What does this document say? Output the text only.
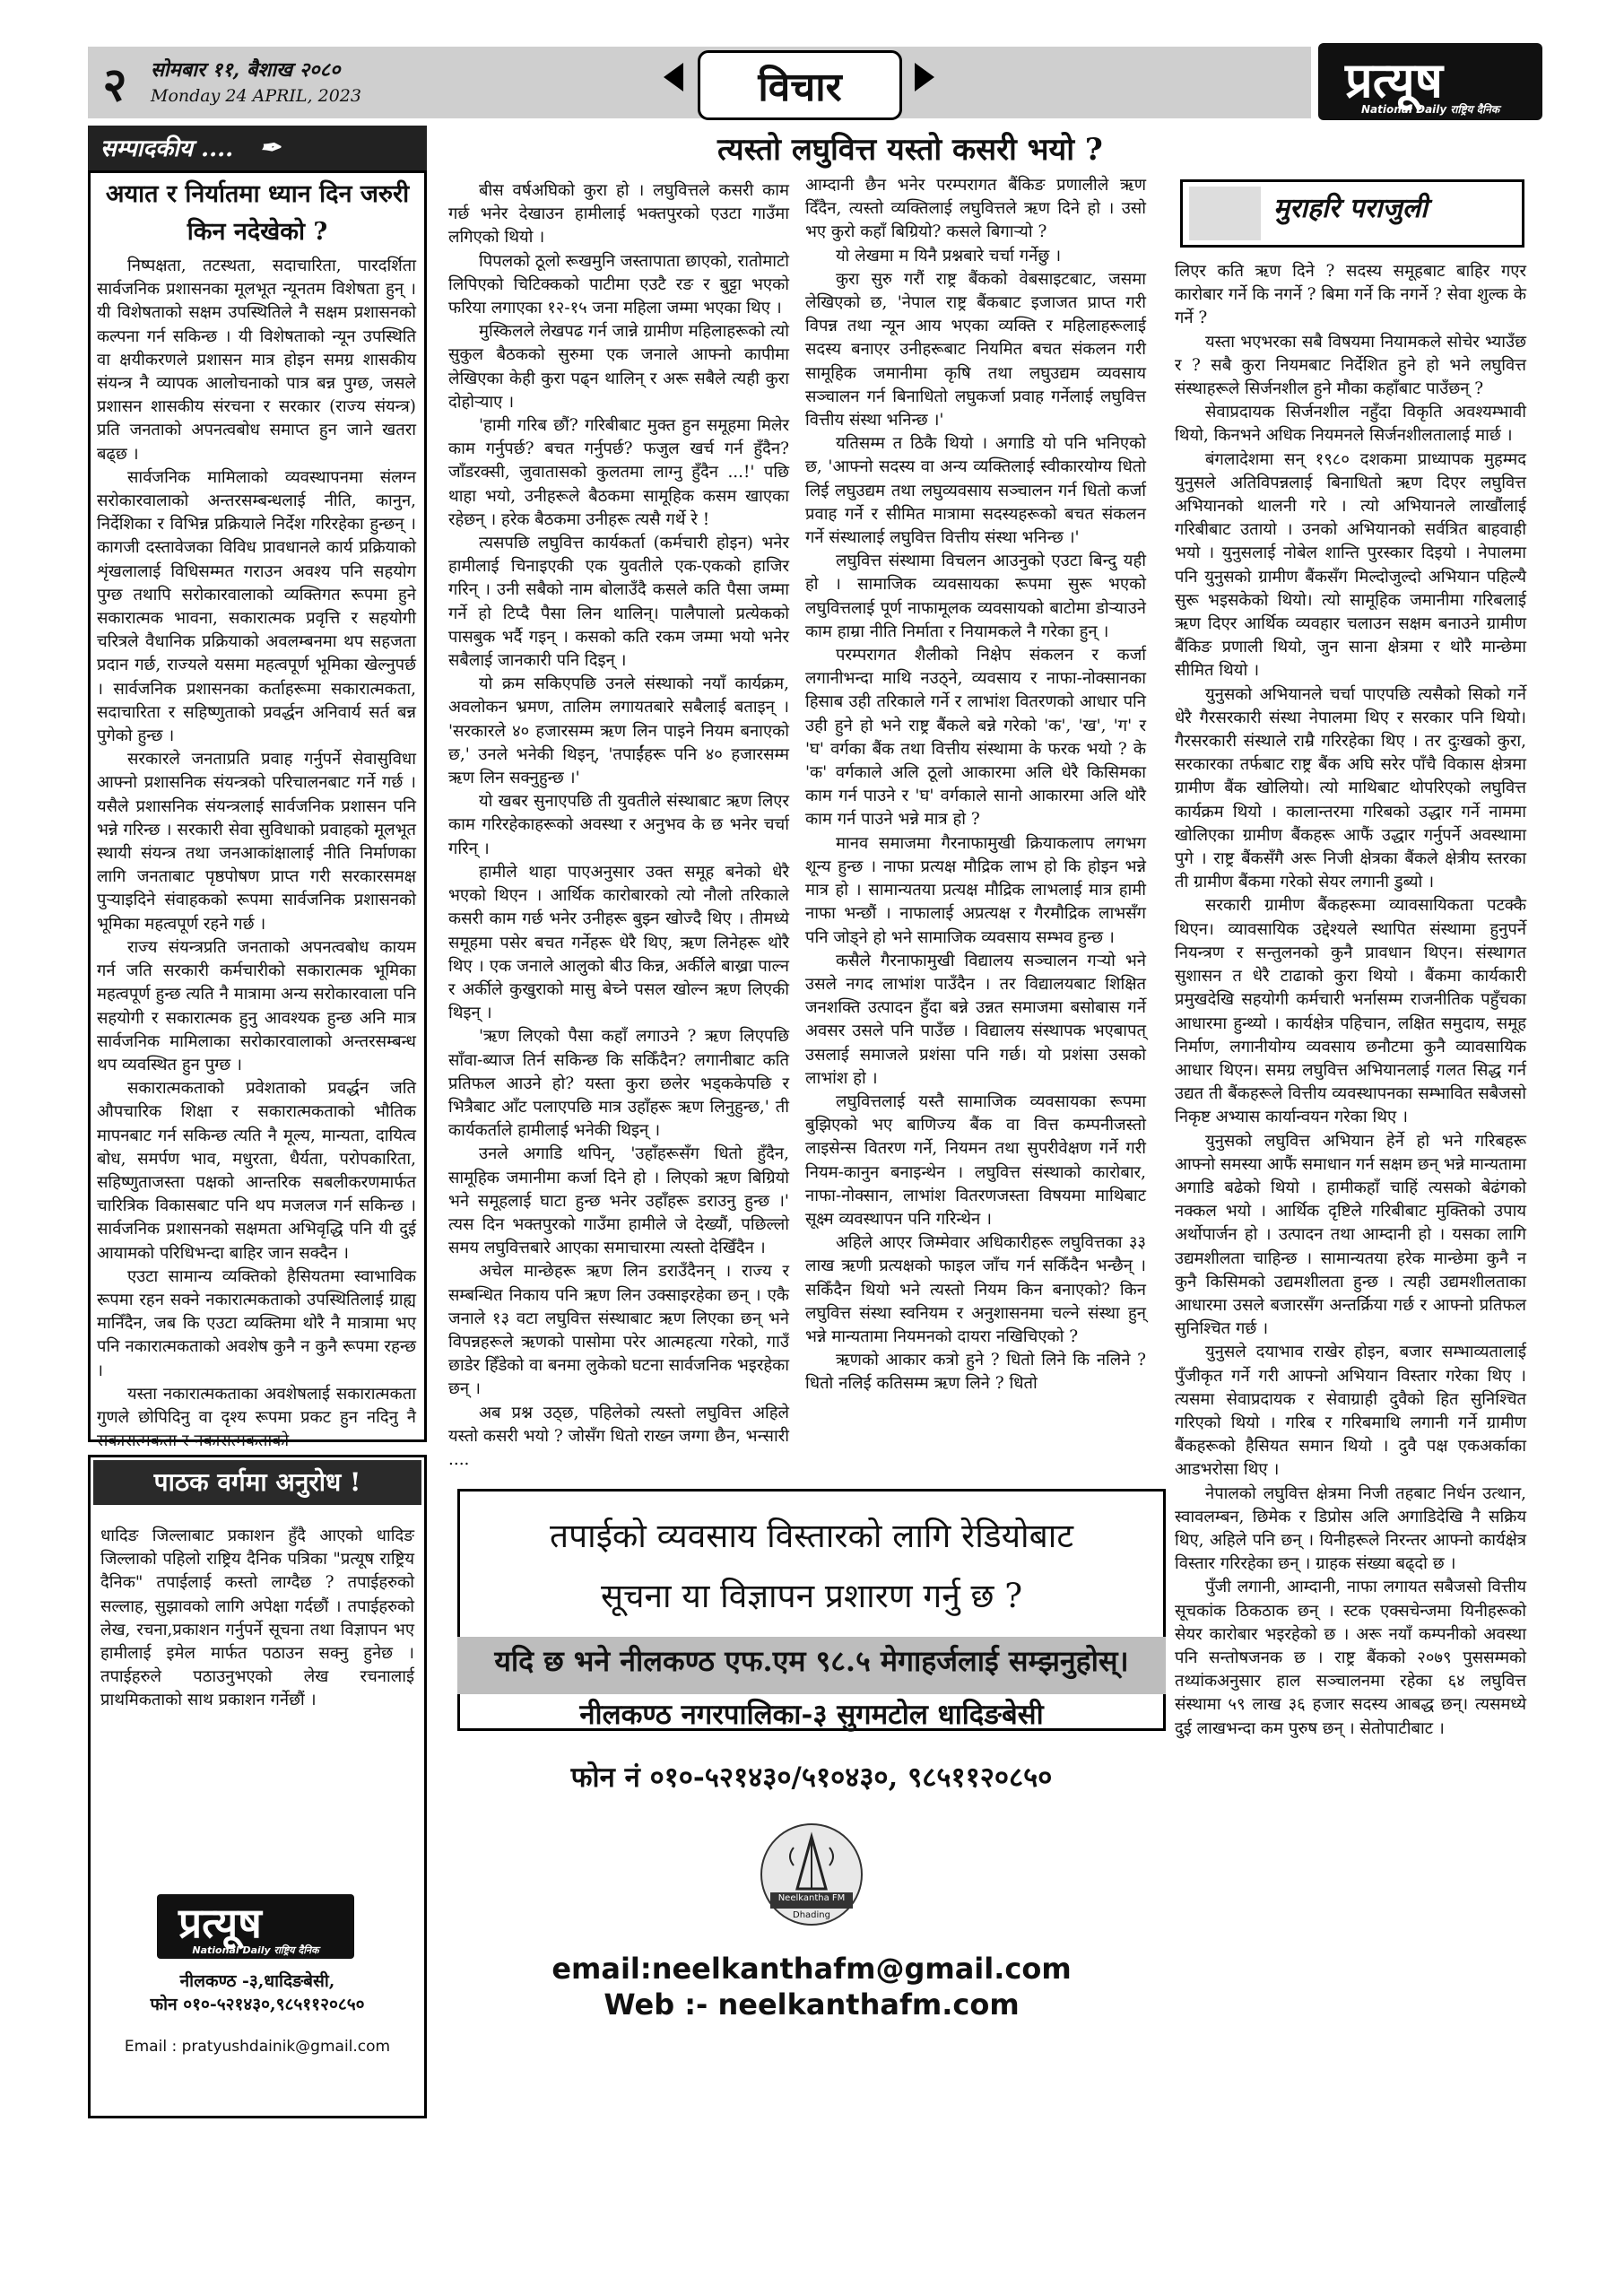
२	सोमबार ११, बैशाख २०८०
Monday 24 APRIL, 2023	विचार	प्रत्यूष
National Daily राष्ट्रिय दैनिक
सम्पादकीय .... ✒
अयात र निर्यातमा ध्यान दिन जरुरी किन नदेखेको ?

निष्पक्षता, तटस्थता, सदाचारिता, पारदर्शिता सार्वजनिक प्रशासनका मूलभूत न्यूनतम विशेषता हुन् । यी विशेषताको सक्षम उपस्थितिले नै सक्षम प्रशासनको कल्पना गर्न सकिन्छ । यी विशेषताको न्यून उपस्थिति वा क्षयीकरणले प्रशासन मात्र होइन समग्र शासकीय संयन्त्र नै व्यापक आलोचनाको पात्र बन्न पुग्छ, जसले प्रशासन शासकीय संरचना र सरकार (राज्य संयन्त्र) प्रति जनताको अपनत्वबोध समाप्त हुन जाने खतरा बढ्छ ।

सार्वजनिक मामिलाको व्यवस्थापनमा संलग्न सरोकारवालाको अन्तरसम्बन्धलाई नीति, कानुन, निर्देशिका र विभिन्न प्रक्रियाले निर्देश गरिरहेका हुन्छन् । कागजी दस्तावेजका विविध प्रावधानले कार्य प्रक्रियाको शृंखलालाई विधिसम्मत गराउन अवश्य पनि सहयोग पुग्छ तथापि सरोकारवालाको व्यक्तिगत रूपमा हुने सकारात्मक भावना, सकारात्मक प्रवृत्ति र सहयोगी चरित्रले वैधानिक प्रक्रियाको अवलम्बनमा थप सहजता प्रदान गर्छ, राज्यले यसमा महत्वपूर्ण भूमिका खेल्नुपर्छ । सार्वजनिक प्रशासनका कर्ताहरूमा सकारात्मकता, सदाचारिता र सहिष्णुताको प्रवर्द्धन अनिवार्य सर्त बन्न पुगेको हुन्छ ।

सरकारले जनताप्रति प्रवाह गर्नुपर्ने सेवासुविधा आफ्नो प्रशासनिक संयन्त्रको परिचालनबाट गर्ने गर्छ । यसैले प्रशासनिक संयन्त्रलाई सार्वजनिक प्रशासन पनि भन्ने गरिन्छ । सरकारी सेवा सुविधाको प्रवाहको मूलभूत स्थायी संयन्त्र तथा जनआकांक्षालाई नीति निर्माणका लागि जनताबाट पृष्ठपोषण प्राप्त गरी सरकारसमक्ष पुऱ्याइदिने संवाहकको रूपमा सार्वजनिक प्रशासनको भूमिका महत्वपूर्ण रहने गर्छ ।

राज्य संयन्त्रप्रति जनताको अपनत्वबोध कायम गर्न जति सरकारी कर्मचारीको सकारात्मक भूमिका महत्वपूर्ण हुन्छ त्यति नै मात्रामा अन्य सरोकारवाला पनि सहयोगी र सकारात्मक हुनु आवश्यक हुन्छ अनि मात्र सार्वजनिक मामिलाका सरोकारवालाको अन्तरसम्बन्ध थप व्यवस्थित हुन पुग्छ ।

सकारात्मकताको प्रवेशताको प्रवर्द्धन जति औपचारिक शिक्षा र सकारात्मकताको भौतिक मापनबाट गर्न सकिन्छ त्यति नै मूल्य, मान्यता, दायित्व बोध, समर्पण भाव, मधुरता, धैर्यता, परोपकारिता, सहिष्णुताजस्ता पक्षको आन्तरिक सबलीकरणमार्फत चारित्रिक विकासबाट पनि थप मजलज गर्न सकिन्छ । सार्वजनिक प्रशासनको सक्षमता अभिवृद्धि पनि यी दुई आयामको परिधिभन्दा बाहिर जान सक्दैन ।

एउटा सामान्य व्यक्तिको हैसियतमा स्वाभाविक रूपमा रहन सक्ने नकारात्मकताको उपस्थितिलाई ग्राह्य मानिँदैन, जब कि एउटा व्यक्तिमा थोरै नै मात्रामा भए पनि नकारात्मकताको अवशेष कुनै न कुनै रूपमा रहन्छ ।

यस्ता नकारात्मकताका अवशेषलाई सकारात्मकता गुणले छोपिदिनु वा दृश्य रूपमा प्रकट हुन नदिनु नै सकारात्मकता र नकारात्मकताको

पाठक वर्गमा अनुरोध !

धादिङ जिल्लाबाट प्रकाशन हुँदै आएको धादिङ जिल्लाको पहिलो राष्ट्रिय दैनिक पत्रिका "प्रत्यूष राष्ट्रिय दैनिक" तपाईलाई कस्तो लाग्दैछ ? तपाईहरुको सल्लाह, सुझावको लागि अपेक्षा गर्दछौं । तपाईहरुको लेख, रचना,प्रकाशन गर्नुपर्ने सूचना तथा विज्ञापन भए हामीलाई इमेल मार्फत पठाउन सक्नु हुनेछ । तपाईहरुले पठाउनुभएको लेख रचनालाई प्राथमिकताको साथ प्रकाशन गर्नेछौं ।

प्रत्यूष
National Daily राष्ट्रिय दैनिक
नीलकण्ठ -३,धादिङबेसी,
फोन ०१०-५२१४३०,९८५११२०८५०
Email : pratyushdainik@gmail.com
त्यस्तो लघुवित्त यस्तो कसरी भयो ?

बीस वर्षअघिको कुरा हो । लघुवित्तले कसरी काम गर्छ भनेर देखाउन हामीलाई भक्तपुरको एउटा गाउँमा लगिएको थियो ।

पिपलको ठूलो रूखमुनि जस्तापाता छाएको, रातोमाटो लिपिएको चिटिक्कको पाटीमा एउटै रङ र बुट्टा भएको फरिया लगाएका १२-१५ जना महिला जम्मा भएका थिए ।

मुस्किलले लेखपढ गर्न जान्ने ग्रामीण महिलाहरूको त्यो सुकुल बैठकको सुरुमा एक जनाले आफ्नो कापीमा लेखिएका केही कुरा पढ्न थालिन् र अरू सबैले त्यही कुरा दोहोऱ्याए ।

'हामी गरिब छौं? गरिबीबाट मुक्त हुन समूहमा मिलेर काम गर्नुपर्छ? बचत गर्नुपर्छ? फजुल खर्च गर्न हुँदैन? जाँडरक्सी, जुवातासको कुलतमा लाग्नु हुँदैन ...!' पछि थाहा भयो, उनीहरूले बैठकमा सामूहिक कसम खाएका रहेछन् । हरेक बैठकमा उनीहरू त्यसै गर्थे रे !

त्यसपछि लघुवित्त कार्यकर्ता (कर्मचारी होइन) भनेर हामीलाई चिनाइएकी एक युवतीले एक-एकको हाजिर गरिन् । उनी सबैको नाम बोलाउँदै कसले कति पैसा जम्मा गर्ने हो टिप्दै पैसा लिन थालिन्। पालैपालो प्रत्येकको पासबुक भर्दै गइन् । कसको कति रकम जम्मा भयो भनेर सबैलाई जानकारी पनि दिइन् ।

यो क्रम सकिएपछि उनले संस्थाको नयाँ कार्यक्रम, अवलोकन भ्रमण, तालिम लगायतबारे सबैलाई बताइन् । 'सरकारले ४० हजारसम्म ऋण लिन पाइने नियम बनाएको छ,' उनले भनेकी थिइन्, 'तपाईंहरू पनि ४० हजारसम्म ऋण लिन सक्नुहुन्छ ।'

यो खबर सुनाएपछि ती युवतीले संस्थाबाट ऋण लिएर काम गरिरहेकाहरूको अवस्था र अनुभव के छ भनेर चर्चा गरिन् ।

हामीले थाहा पाएअनुसार उक्त समूह बनेको धेरै भएको थिएन । आर्थिक कारोबारको त्यो नौलो तरिकाले कसरी काम गर्छ भनेर उनीहरू बुझ्न खोज्दै थिए । तीमध्ये समूहमा पसेर बचत गर्नेहरू धेरै थिए, ऋण लिनेहरू थोरै थिए । एक जनाले आलुको बीउ किन्न, अर्कीले बाख्रा पाल्न र अर्कीले कुखुराको मासु बेच्ने पसल खोल्न ऋण लिएकी थिइन् ।

'ऋण लिएको पैसा कहाँ लगाउने ? ऋण लिएपछि साँवा-ब्याज तिर्न सकिन्छ कि सकिँदैन? लगानीबाट कति प्रतिफल आउने हो? यस्ता कुरा छलेर भड्ककेपछि र भित्रैबाट आँट पलाएपछि मात्र उहाँहरू ऋण लिनुहुन्छ,' ती कार्यकर्ताले हामीलाई भनेकी थिइन् ।

उनले अगाडि थपिन्, 'उहाँहरूसँग धितो हुँदैन, सामूहिक जमानीमा कर्जा दिने हो । लिएको ऋण बिग्रियो भने समूहलाई घाटा हुन्छ भनेर उहाँहरू डराउनु हुन्छ ।' त्यस दिन भक्तपुरको गाउँमा हामीले जे देख्यौं, पछिल्लो समय लघुवित्तबारे आएका समाचारमा त्यस्तो देखिँदैन ।

अचेल मान्छेहरू ऋण लिन डराउँदैनन् । राज्य र सम्बन्धित निकाय पनि ऋण लिन उक्साइरहेका छन् । एकै जनाले १३ वटा लघुवित्त संस्थाबाट ऋण लिएका छन् भने विपन्नहरूले ऋणको पासोमा परेर आत्महत्या गरेको, गाउँ छाडेर हिँडेको वा बनमा लुकेको घटना सार्वजनिक भइरहेका छन् ।

अब प्रश्न उठ्छ, पहिलेको त्यस्तो लघुवित्त अहिले यस्तो कसरी भयो ? जोसँग धितो राख्न जग्गा छैन, भन्सारी ....

आम्दानी छैन भनेर परम्परागत बैंकिङ प्रणालीले ऋण दिँदैन, त्यस्तो व्यक्तिलाई लघुवित्तले ऋण दिने हो । उसो भए कुरो कहाँ बिग्रियो? कसले बिगाऱ्यो ?

यो लेखमा म यिनै प्रश्नबारे चर्चा गर्नेछु ।

कुरा सुरु गरौं राष्ट्र बैंकको वेबसाइटबाट, जसमा लेखिएको छ, 'नेपाल राष्ट्र बैंकबाट इजाजत प्राप्त गरी विपन्न तथा न्यून आय भएका व्यक्ति र महिलाहरूलाई सदस्य बनाएर उनीहरूबाट नियमित बचत संकलन गरी सामूहिक जमानीमा कृषि तथा लघुउद्यम व्यवसाय सञ्चालन गर्न बिनाधितो लघुकर्जा प्रवाह गर्नेलाई लघुवित्त वित्तीय संस्था भनिन्छ ।'

यतिसम्म त ठिकै थियो । अगाडि यो पनि भनिएको छ, 'आफ्नो सदस्य वा अन्य व्यक्तिलाई स्वीकारयोग्य धितो लिई लघुउद्यम तथा लघुव्यवसाय सञ्चालन गर्न धितो कर्जा प्रवाह गर्ने र सीमित मात्रामा सदस्यहरूको बचत संकलन गर्ने संस्थालाई लघुवित्त वित्तीय संस्था भनिन्छ ।'

लघुवित्त संस्थामा विचलन आउनुको एउटा बिन्दु यही हो । सामाजिक व्यवसायका रूपमा सुरू भएको लघुवित्तलाई पूर्ण नाफामूलक व्यवसायको बाटोमा डोऱ्याउने काम हाम्रा नीति निर्माता र नियामकले नै गरेका हुन् ।

परम्परागत शैलीको निक्षेप संकलन र कर्जा लगानीभन्दा माथि नउठ्ने, व्यवसाय र नाफा-नोक्सानका हिसाब उही तरिकाले गर्ने र लाभांश वितरणको आधार पनि उही हुने हो भने राष्ट्र बैंकले बन्ने गरेको 'क', 'ख', 'ग' र 'घ' वर्गका बैंक तथा वित्तीय संस्थामा के फरक भयो ? के 'क' वर्गकाले अलि ठूलो आकारमा अलि धेरै किसिमका काम गर्न पाउने र 'घ' वर्गकाले सानो आकारमा अलि थोरै काम गर्न पाउने भन्ने मात्र हो ?

मानव समाजमा गैरनाफामुखी क्रियाकलाप लगभग शून्य हुन्छ । नाफा प्रत्यक्ष मौद्रिक लाभ हो कि होइन भन्ने मात्र हो । सामान्यतया प्रत्यक्ष मौद्रिक लाभलाई मात्र हामी नाफा भन्छौं । नाफालाई अप्रत्यक्ष र गैरमौद्रिक लाभसँग पनि जोड्ने हो भने सामाजिक व्यवसाय सम्भव हुन्छ ।

कसैले गैरनाफामुखी विद्यालय सञ्चालन गऱ्यो भने उसले नगद लाभांश पाउँदैन । तर विद्यालयबाट शिक्षित जनशक्ति उत्पादन हुँदा बन्ने उन्नत समाजमा बसोबास गर्ने अवसर उसले पनि पाउँछ । विद्यालय संस्थापक भएबापत् उसलाई समाजले प्रशंसा पनि गर्छ। यो प्रशंसा उसको लाभांश हो ।

लघुवित्तलाई यस्तै सामाजिक व्यवसायका रूपमा बुझिएको भए बाणिज्य बैंक वा वित्त कम्पनीजस्तो लाइसेन्स वितरण गर्ने, नियमन तथा सुपरीवेक्षण गर्ने गरी नियम-कानुन बनाइन्थेन । लघुवित्त संस्थाको कारोबार, नाफा-नोक्सान, लाभांश वितरणजस्ता विषयमा माथिबाट सूक्ष्म व्यवस्थापन पनि गरिन्थेन ।

अहिले आएर जिम्मेवार अधिकारीहरू लघुवित्तका ३३ लाख ऋणी प्रत्यक्षको फाइल जाँच गर्न सकिँदैन भन्छैन् । सकिँदैन थियो भने त्यस्तो नियम किन बनाएको? किन लघुवित्त संस्था स्वनियम र अनुशासनमा चल्ने संस्था हुन् भन्ने मान्यतामा नियमनको दायरा नखिचिएको ?

ऋणको आकार कत्रो हुने ? धितो लिने कि नलिने ? धितो नलिई कतिसम्म ऋण लिने ? धितो

मुराहरि पराजुली

लिएर कति ऋण दिने ? सदस्य समूहबाट बाहिर गएर कारोबार गर्ने कि नगर्ने ? बिमा गर्ने कि नगर्ने ? सेवा शुल्क के गर्ने ?

यस्ता भएभरका सबै विषयमा नियामकले सोचेर भ्याउँछ र ? सबै कुरा नियमबाट निर्देशित हुने हो भने लघुवित्त संस्थाहरूले सिर्जनशील हुने मौका कहाँबाट पाउँछन् ?

सेवाप्रदायक सिर्जनशील नहुँदा विकृति अवश्यम्भावी थियो, किनभने अधिक नियमनले सिर्जनशीलतालाई मार्छ ।

बंगलादेशमा सन् १९८० दशकमा प्राध्यापक मुहम्मद युनुसले अतिविपन्नलाई बिनाधितो ऋण दिएर लघुवित्त अभियानको थालनी गरे । त्यो अभियानले लाखौंलाई गरिबीबाट उतायो । उनको अभियानको सर्वत्रित बाहवाही भयो । युनुसलाई नोबेल शान्ति पुरस्कार दिइयो । नेपालमा पनि युनुसको ग्रामीण बैंकसँग मिल्दोजुल्दो अभियान पहिल्यै सुरू भइसकेको थियो। त्यो सामूहिक जमानीमा गरिबलाई ऋण दिएर आर्थिक व्यवहार चलाउन सक्षम बनाउने ग्रामीण बैंकिङ प्रणाली थियो, जुन साना क्षेत्रमा र थोरै मान्छेमा सीमित थियो ।

युनुसको अभियानले चर्चा पाएपछि त्यसैको सिको गर्ने धेरै गैरसरकारी संस्था नेपालमा थिए र सरकार पनि थियो। गैरसरकारी संस्थाले राम्रै गरिरहेका थिए । तर दुःखको कुरा, सरकारका तर्फबाट राष्ट्र बैंक अघि सरेर पाँचै विकास क्षेत्रमा ग्रामीण बैंक खोलियो। त्यो माथिबाट थोपरिएको लघुवित्त कार्यक्रम थियो । कालान्तरमा गरिबको उद्धार गर्ने नाममा खोलिएका ग्रामीण बैंकहरू आफैं उद्धार गर्नुपर्ने अवस्थामा पुगे । राष्ट्र बैंकसँगै अरू निजी क्षेत्रका बैंकले क्षेत्रीय स्तरका ती ग्रामीण बैंकमा गरेको सेयर लगानी डुब्यो ।

सरकारी ग्रामीण बैंकहरूमा व्यावसायिकता पटक्कै थिएन। व्यावसायिक उद्देश्यले स्थापित संस्थामा हुनुपर्ने नियन्त्रण र सन्तुलनको कुनै प्रावधान थिएन। संस्थागत सुशासन त धेरै टाढाको कुरा थियो । बैंकमा कार्यकारी प्रमुखदेखि सहयोगी कर्मचारी भर्नासम्म राजनीतिक पहुँचका आधारमा हुन्थ्यो । कार्यक्षेत्र पहिचान, लक्षित समुदाय, समूह निर्माण, लगानीयोग्य व्यवसाय छनौटमा कुनै व्यावसायिक आधार थिएन। समग्र लघुवित्त अभियानलाई गलत सिद्ध गर्न उद्यत ती बैंकहरूले वित्तीय व्यवस्थापनका सम्भावित सबैजसो निकृष्ट अभ्यास कार्यान्वयन गरेका थिए ।

युनुसको लघुवित्त अभियान हेर्ने हो भने गरिबहरू आफ्नो समस्या आफैं समाधान गर्न सक्षम छन् भन्ने मान्यतामा अगाडि बढेको थियो । हामीकहाँ चाहिं त्यसको बेढंगको नक्कल भयो । आर्थिक दृष्टिले गरिबीबाट मुक्तिको उपाय अर्थोपार्जन हो । उत्पादन तथा आम्दानी हो । यसका लागि उद्यमशीलता चाहिन्छ । सामान्यतया हरेक मान्छेमा कुनै न कुनै किसिमको उद्यमशीलता हुन्छ । त्यही उद्यमशीलताका आधारमा उसले बजारसँग अन्तर्क्रिया गर्छ र आफ्नो प्रतिफल सुनिश्चित गर्छ ।

युनुसले दयाभाव राखेर होइन, बजार सम्भाव्यतालाई पुँजीकृत गर्ने गरी आफ्नो अभियान विस्तार गरेका थिए । त्यसमा सेवाप्रदायक र सेवाग्राही दुवैको हित सुनिश्चित गरिएको थियो । गरिब र गरिबमाथि लगानी गर्ने ग्रामीण बैंकहरूको हैसियत समान थियो । दुवै पक्ष एकअर्काका आडभरोसा थिए ।

नेपालको लघुवित्त क्षेत्रमा निजी तहबाट निर्धन उत्थान, स्वावलम्बन, छिमेक र डिप्रोस अलि अगाडिदेखि नै सक्रिय थिए, अहिले पनि छन् । यिनीहरूले निरन्तर आफ्नो कार्यक्षेत्र विस्तार गरिरहेका छन् । ग्राहक संख्या बढ्दो छ ।

पुँजी लगानी, आम्दानी, नाफा लगायत सबैजसो वित्तीय सूचकांक ठिकठाक छन् । स्टक एक्सचेन्जमा यिनीहरूको सेयर कारोबार भइरहेको छ । अरू नयाँ कम्पनीको अवस्था पनि सन्तोषजनक छ । राष्ट्र बैंकको २०७९ पुससम्मको तथ्यांकअनुसार हाल सञ्चालनमा रहेका ६४ लघुवित्त संस्थामा ५९ लाख ३६ हजार सदस्य आबद्ध छन्। त्यसमध्ये दुई लाखभन्दा कम पुरुष छन् । सेतोपाटीबाट ।

तपाईको व्यवसाय विस्तारको लागि रेडियोबाट
सूचना या विज्ञापन प्रशारण गर्नु छ ?
यदि छ भने नीलकण्ठ एफ.एम ९८.५ मेगाहर्जलाई सम्झनुहोस्।
नीलकण्ठ नगरपालिका-३ सुगमटोल धादिङबेसी
फोन नं ०१०-५२१४३०/५१०४३०, ९८५११२०८५०
Neelkantha FM
Dhading
email:neelkanthafm@gmail.com
Web :- neelkanthafm.com
